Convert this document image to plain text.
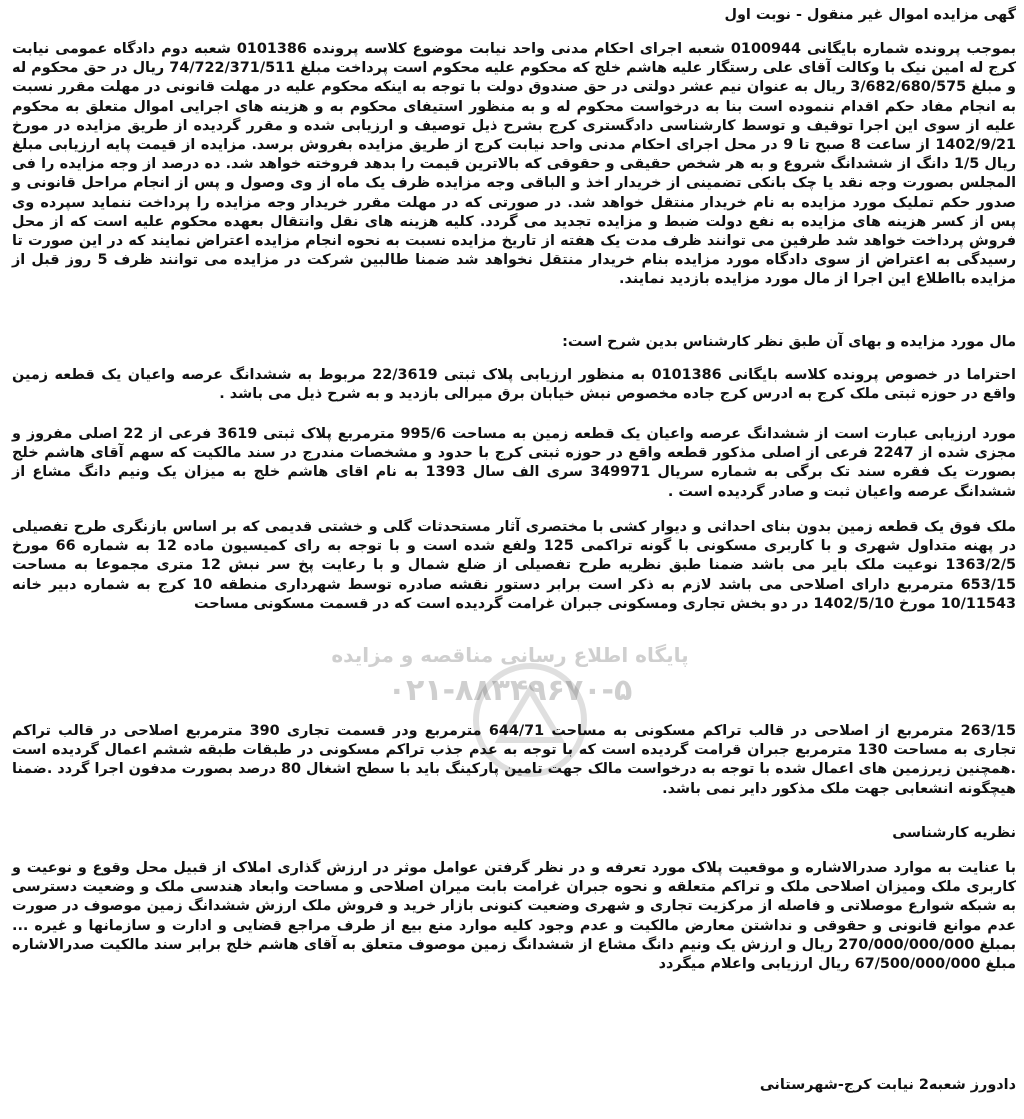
گهی مزایده اموال غیر منقول - نوبت اول

بموجب پرونده شماره بایگانی 0100944 شعبه اجرای احکام مدنی واحد نیابت موضوع کلاسه پرونده 0101386 شعبه دوم دادگاه عمومی نیابت کرج له امین نیک با وکالت آقای علی رستگار علیه هاشم خلج که محکوم علیه محکوم است پرداخت مبلغ 74/722/371/511 ریال در حق محکوم له و مبلغ 3/682/680/575 ریال به عنوان نیم عشر دولتی در حق صندوق دولت با توجه به اینکه محکوم علیه در مهلت قانونی در مهلت مقرر نسبت به انجام مفاد حکم اقدام ننموده است بنا به درخواست محکوم له و به منظور استیفای محکوم به و هزینه های اجرایی اموال متعلق به محکوم علیه از سوی این اجرا توقیف و توسط کارشناسی دادگستری کرج بشرح ذیل توصیف و ارزیابی شده و مقرر گردیده از طریق مزایده در مورخ 1402/9/21 از ساعت 8 صبح تا 9 در محل اجرای احکام مدنی واحد نیابت کرج از طریق مزایده بفروش برسد. مزایده از قیمت پایه ارزیابی مبلغ ریال 1/5 دانگ از ششدانگ شروع و به هر شخص حقیقی و حقوقی که بالاترین قیمت را بدهد فروخته خواهد شد. ده درصد از وجه مزایده را فی المجلس بصورت وجه نقد یا چک بانکی تضمینی از خریدار اخذ و الباقی وجه مزایده ظرف یک ماه از وی وصول و پس از انجام مراحل قانونی و صدور حکم تملیک مورد مزایده به نام خریدار منتقل خواهد شد. در صورتی که در مهلت مقرر خریدار وجه مزایده را پرداخت ننماید سپرده وی پس از کسر هزینه های مزایده به نفع دولت ضبط و مزایده تجدید می گردد. کلیه هزینه های نقل وانتقال بعهده محکوم علیه است که از محل فروش پرداخت خواهد شد طرفین می توانند ظرف مدت یک هفته از تاریخ مزایده نسبت به نحوه انجام مزایده اعتراض نمایند که در این صورت تا رسیدگی به اعتراض از سوی دادگاه مورد مزایده بنام خریدار منتقل نخواهد شد ضمنا طالبین شرکت در مزایده می توانند ظرف 5 روز قبل از مزایده بااطلاع این اجرا از مال مورد مزایده بازدید نمایند.

مال مورد مزایده و بهای آن طبق نظر کارشناس بدین شرح است:

احتراما در خصوص پرونده کلاسه بایگانی 0101386 به منظور ارزیابی پلاک ثبتی 22/3619 مربوط به ششدانگ عرصه واعیان یک قطعه زمین واقع در حوزه ثبتی ملک کرج به ادرس کرج جاده مخصوص نبش خیابان برق میرالی بازدید و به شرح ذیل می باشد .

مورد ارزیابی عبارت است از ششدانگ عرصه واعیان یک قطعه زمین به مساحت 995/6 مترمربع پلاک ثبتی 3619 فرعی از 22 اصلی مفروز و مجزی شده از 2247 فرعی از اصلی مذکور قطعه واقع در حوزه ثبتی کرج با حدود و مشخصات مندرج در سند مالکیت که سهم آقای هاشم خلج بصورت یک فقره سند تک برگی به شماره سریال 349971 سری الف سال 1393 به نام اقای هاشم خلج به میزان یک ونیم دانگ مشاع از ششدانگ عرصه واعیان ثبت و صادر گردیده است .

ملک فوق یک قطعه زمین بدون بنای احداثی و دیوار کشی با مختصری آثار مستحدثات گلی و خشتی قدیمی که بر اساس بازنگری طرح تفصیلی در پهنه متداول شهری و با کاربری مسکونی با گونه تراکمی 125 ولفع شده است و با توجه به رای کمیسیون ماده 12 به شماره 66 مورخ 1363/2/5 نوعیت ملک بایر می باشد ضمنا طبق نظریه طرح تفصیلی از ضلع شمال و با رعایت پخ سر نبش 12 متری مجموعا به مساحت 653/15 مترمربع دارای اصلاحی می باشد لازم به ذکر است برابر دستور نقشه صادره توسط شهرداری منطقه 10 کرج به شماره دبیر خانه 10/11543 مورخ 1402/5/10 در دو بخش تجاری ومسکونی جبران غرامت گردیده است که در قسمت مسکونی مساحت

پایگاه اطلاع رسانی مناقصه و مزایده
۰۲۱-۸۸۳۴۹۶۷۰-۵

263/15 مترمربع از اصلاحی در قالب تراکم مسکونی به مساحت 644/71 مترمربع ودر قسمت تجاری 390 مترمربع اصلاحی در قالب تراکم تجاری به مساحت 130 مترمربع جبران قرامت گردیده است که با توجه به عدم جذب تراکم مسکونی در طبقات طبقه ششم اعمال گردیده است .همچنین زیرزمین های اعمال شده با توجه به درخواست مالک جهت تامین پارکینگ باید با سطح اشغال 80 درصد بصورت مدفون اجرا گردد .ضمنا هیچگونه انشعابی جهت ملک مذکور دایر نمی باشد.

نظریه کارشناسی

با عنایت به موارد صدرالاشاره و موقعیت پلاک مورد تعرفه و در نظر گرفتن عوامل موثر در ارزش گذاری املاک از قبیل محل وقوع و نوعیت و کاربری ملک ومیزان اصلاحی ملک و تراکم متعلقه و نحوه جبران غرامت بابت میران اصلاحی و مساحت وابعاد هندسی ملک و وضعیت دسترسی به شبکه شوارع موصلاتی و فاصله از مرکزیت تجاری و شهری وضعیت کنونی بازار خرید و فروش ملک ارزش ششدانگ زمین موصوف در صورت عدم موانع قانونی و حقوقی و نداشتن معارض مالکیت و عدم وجود کلیه موارد منع بیع از طرف مراجع قضایی و ادارت و سازمانها و غیره ... بمبلغ 270/000/000/000 ریال و ارزش یک ونیم دانگ مشاع از ششدانگ زمین موصوف متعلق به آقای هاشم خلج برابر سند مالکیت صدرالاشاره مبلغ 67/500/000/000 ریال ارزیابی واعلام میگردد

دادورز شعبه2 نیابت کرج-شهرستانی
